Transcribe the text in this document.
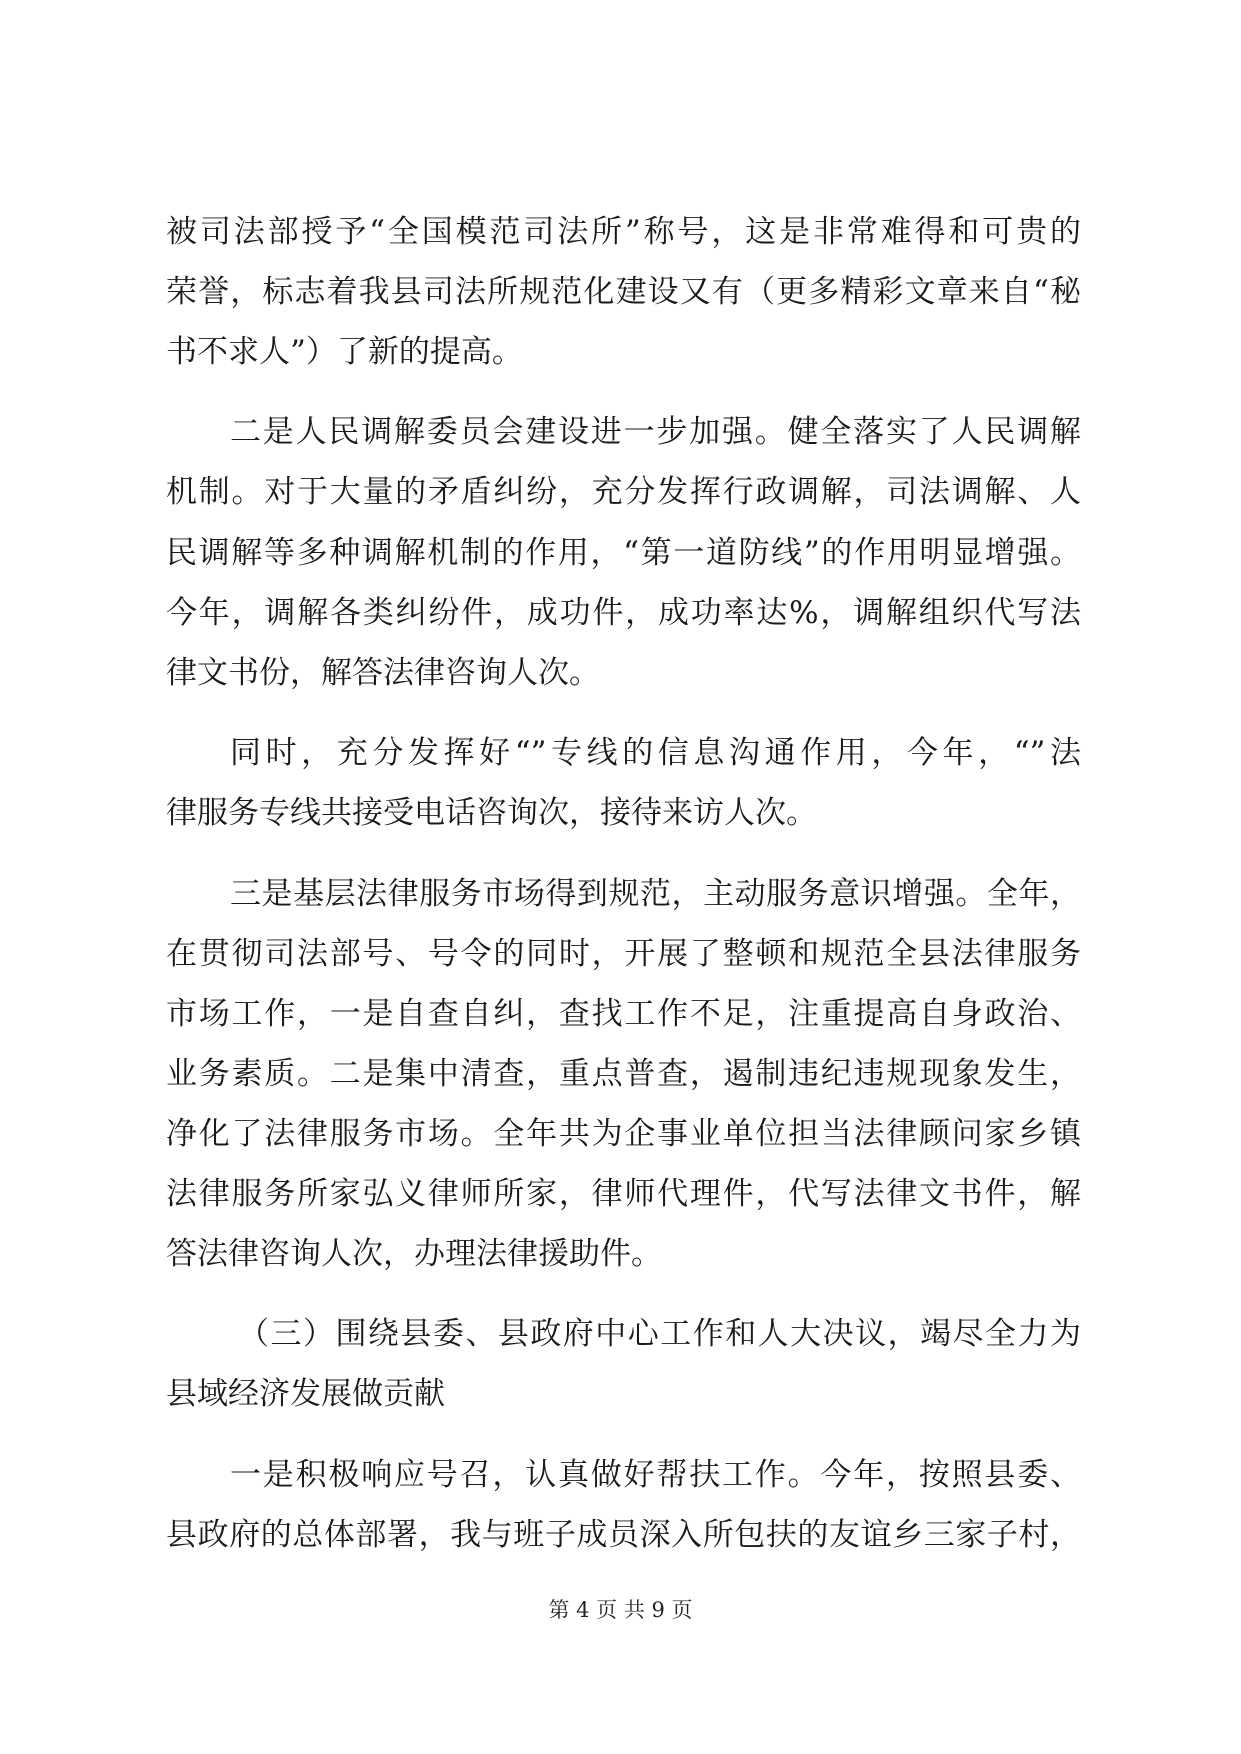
被司法部授予“全国模范司法所”称号，这是非常难得和可贵的
荣誉，标志着我县司法所规范化建设又有（更多精彩文章来自“秘
书不求人”）了新的提高。
二是人民调解委员会建设进一步加强。健全落实了人民调解
机制。对于大量的矛盾纠纷，充分发挥行政调解，司法调解、人
民调解等多种调解机制的作用，“第一道防线”的作用明显增强。
今年，调解各类纠纷件，成功件，成功率达%，调解组织代写法
律文书份，解答法律咨询人次。
同时，充分发挥好“”专线的信息沟通作用，今年，“”法
律服务专线共接受电话咨询次，接待来访人次。
三是基层法律服务市场得到规范，主动服务意识增强。全年，
在贯彻司法部号、号令的同时，开展了整顿和规范全县法律服务
市场工作，一是自查自纠，查找工作不足，注重提高自身政治、
业务素质。二是集中清查，重点普查，遏制违纪违规现象发生，
净化了法律服务市场。全年共为企事业单位担当法律顾问家乡镇
法律服务所家弘义律师所家，律师代理件，代写法律文书件，解
答法律咨询人次，办理法律援助件。
（三）围绕县委、县政府中心工作和人大决议，竭尽全力为
县域经济发展做贡献
一是积极响应号召，认真做好帮扶工作。今年，按照县委、
县政府的总体部署，我与班子成员深入所包扶的友谊乡三家子村，
第 4 页 共 9 页
